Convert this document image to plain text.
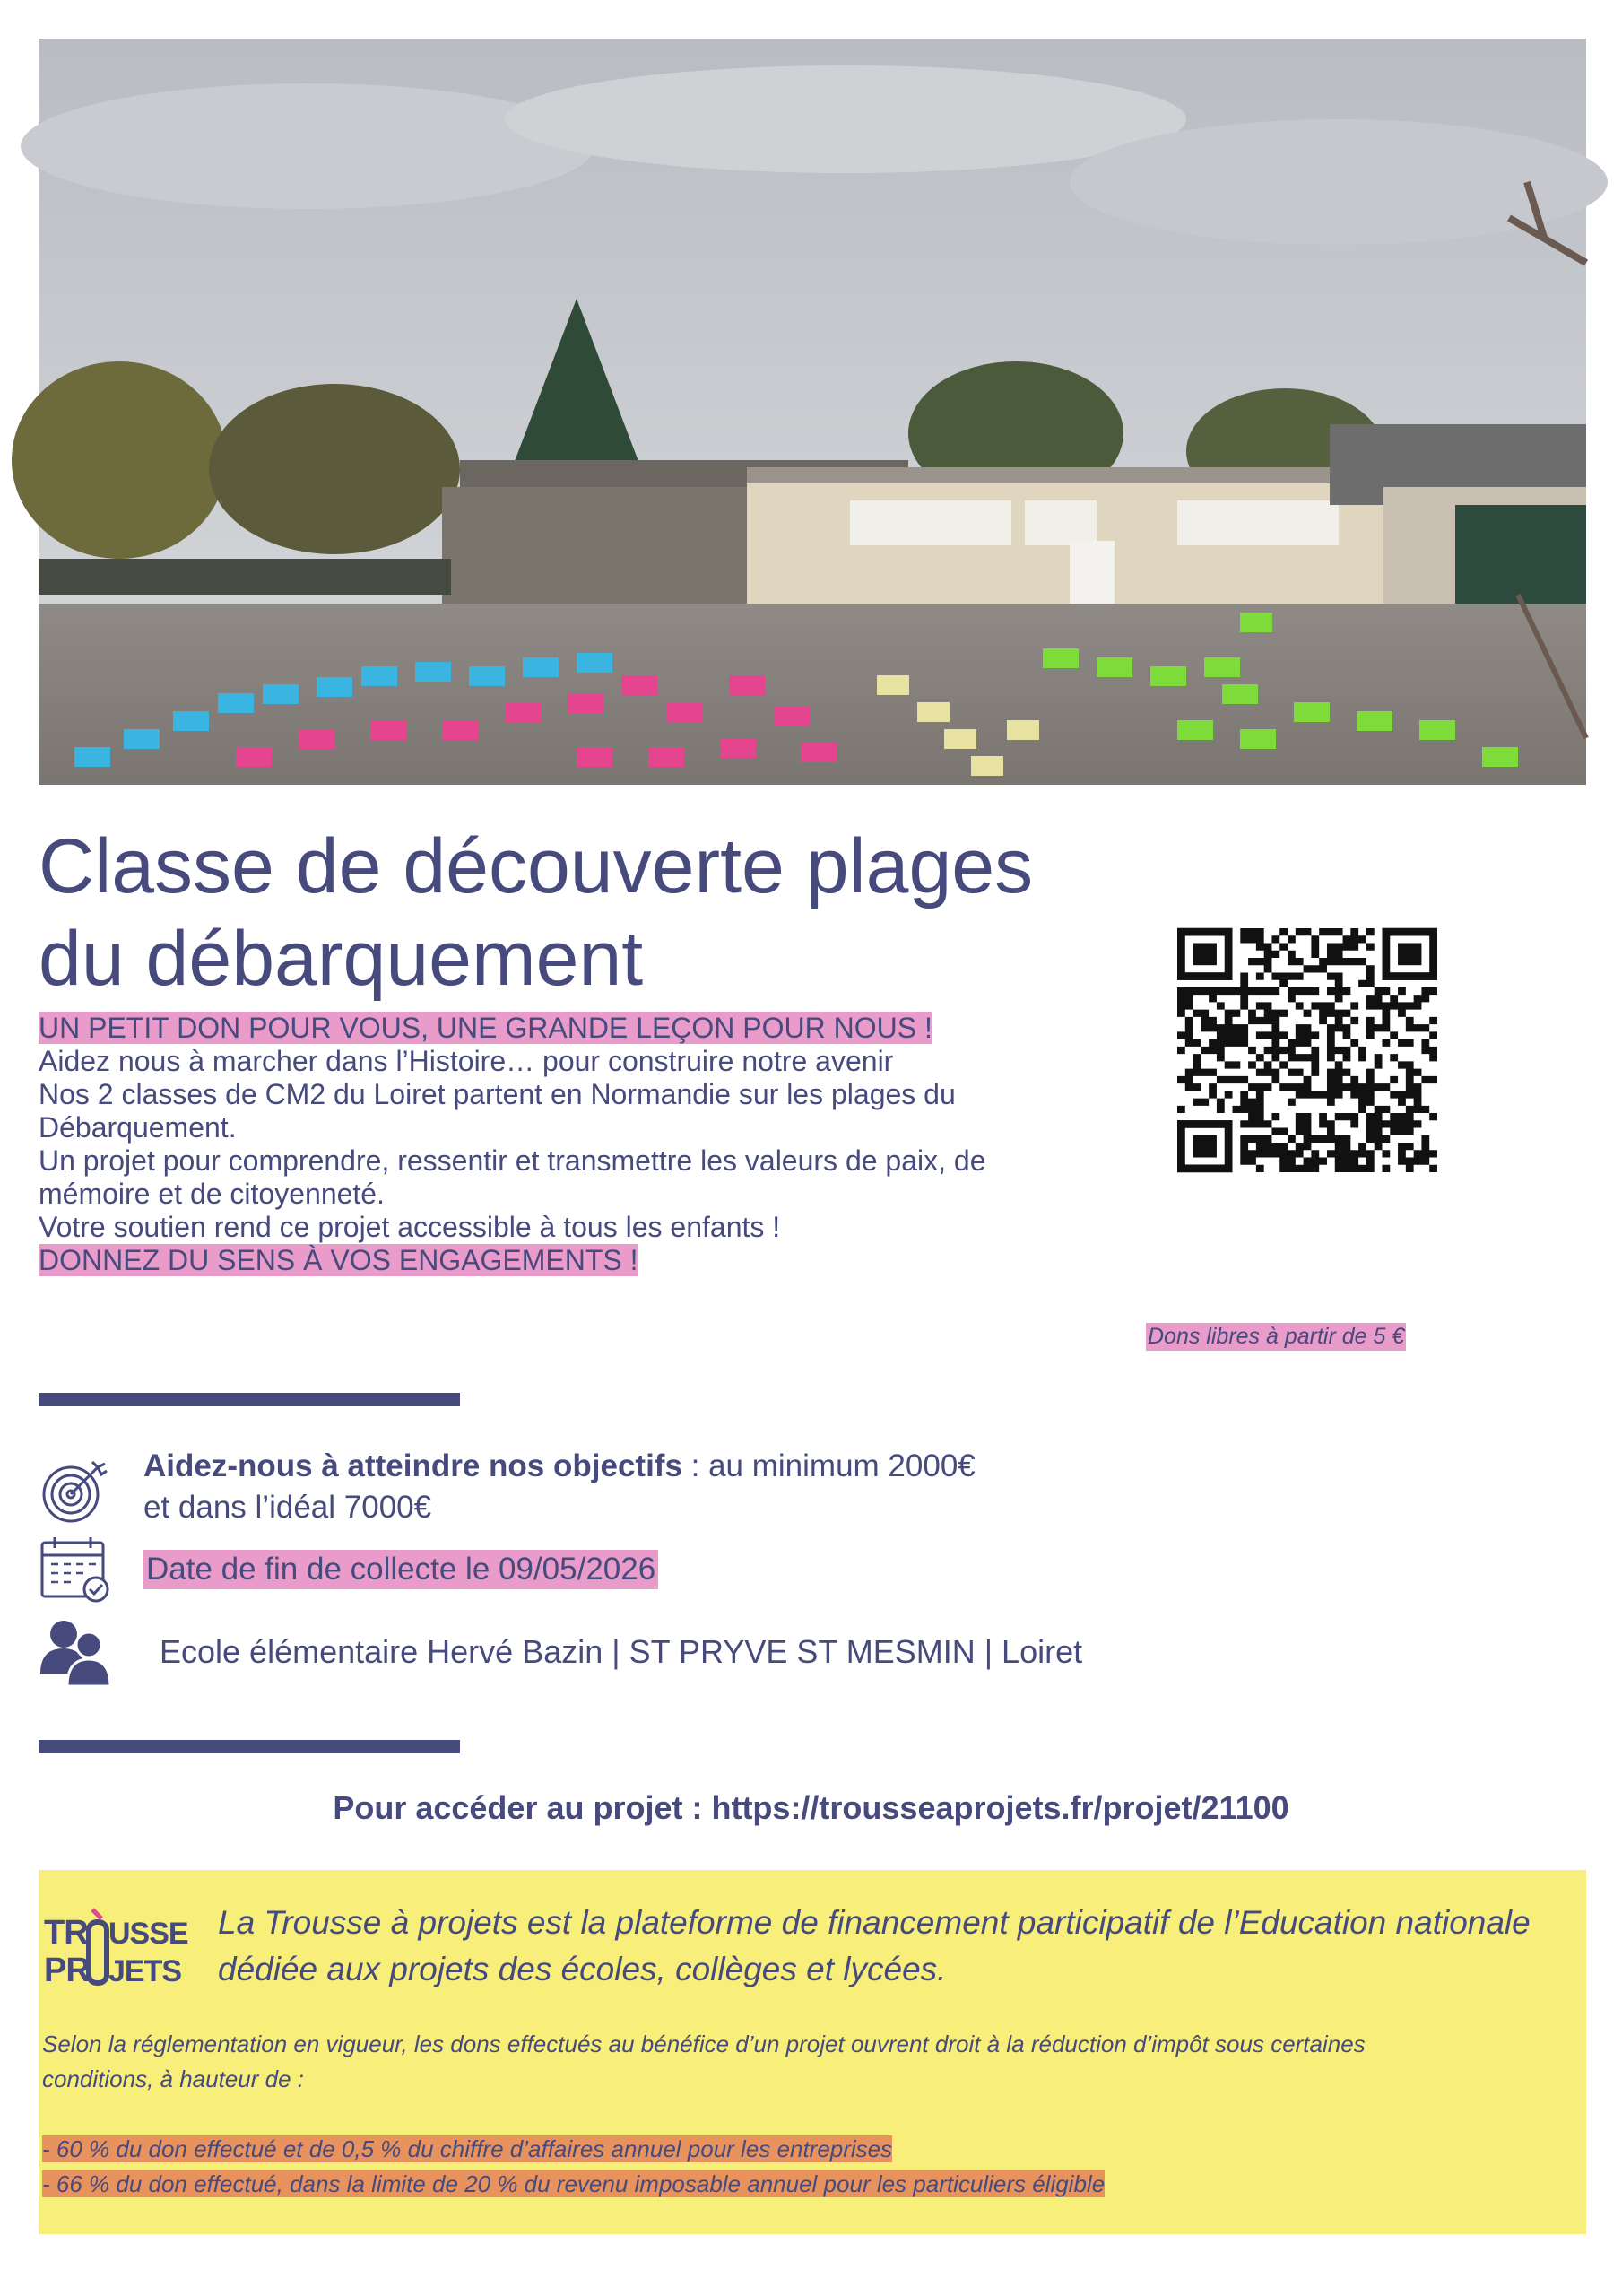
Classe de découverte plages
du débarquement
UN PETIT DON POUR VOUS, UNE GRANDE LEÇON POUR NOUS !
Aidez nous à marcher dans l’Histoire… pour construire notre avenir
Nos 2 classes de CM2 du Loiret partent en Normandie sur les plages du
Débarquement.
Un projet pour comprendre, ressentir et transmettre les valeurs de paix, de
mémoire et de citoyenneté.
Votre soutien rend ce projet accessible à tous les enfants !
DONNEZ DU SENS À VOS ENGAGEMENTS !
Dons libres à partir de 5 €
Aidez-nous à atteindre nos objectifs : au minimum 2000€
et dans l’idéal 7000€
Date de fin de collecte le 09/05/2026
Ecole élémentaire Hervé Bazin | ST PRYVE ST MESMIN | Loiret
Pour accéder au projet : https://trousseaprojets.fr/projet/21100
TR USSE
PR JETS
La Trousse à projets est la plateforme de financement participatif de l’Education nationale dédiée aux projets des écoles, collèges et lycées.
Selon la réglementation en vigueur, les dons effectués au bénéfice d’un projet ouvrent droit à la réduction d’impôt sous certaines
conditions, à hauteur de :
- 60 % du don effectué et de 0,5 % du chiffre d’affaires annuel pour les entreprises
- 66 % du don effectué, dans la limite de 20 % du revenu imposable annuel pour les particuliers éligible
